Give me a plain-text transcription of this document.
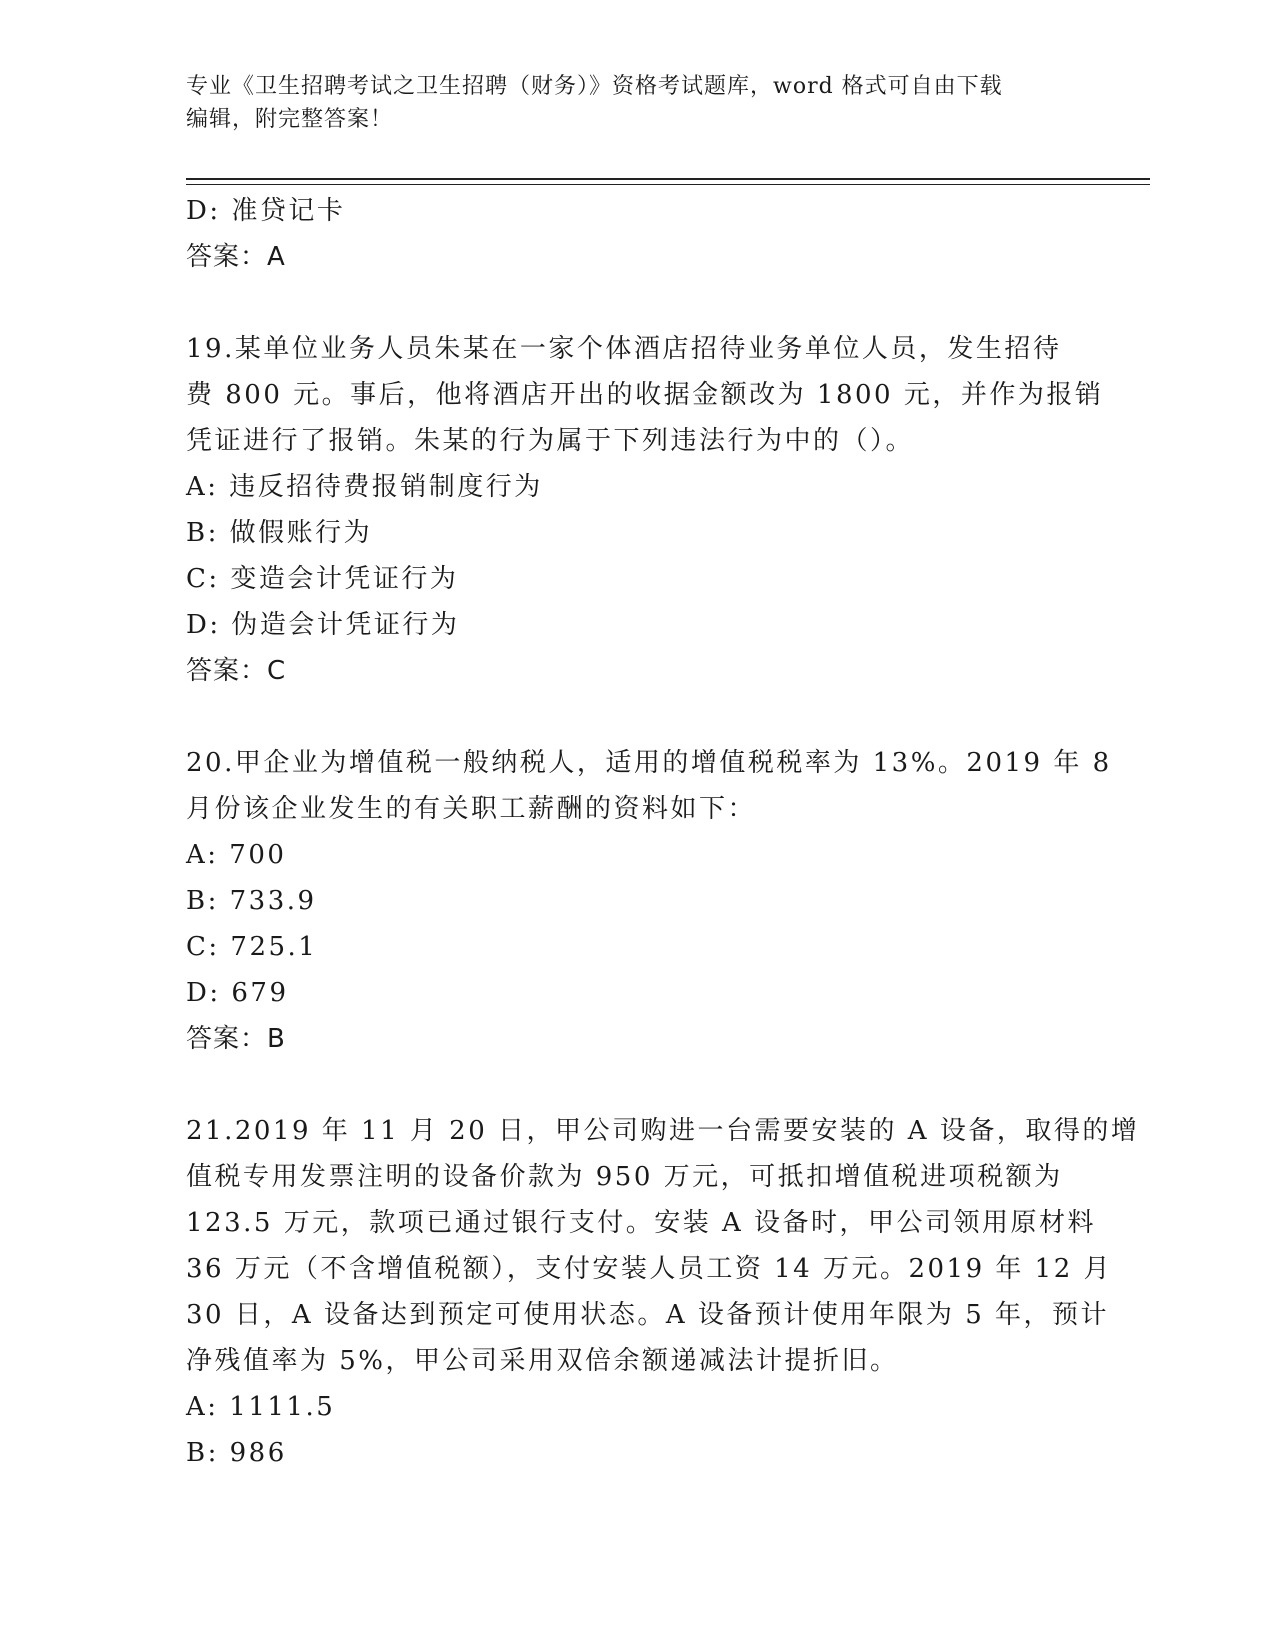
专业《卫生招聘考试之卫生招聘（财务）》资格考试题库，word 格式可自由下载
编辑，附完整答案！
D: 准贷记卡
答案：A
19.某单位业务人员朱某在一家个体酒店招待业务单位人员，发生招待
费 800 元。事后，他将酒店开出的收据金额改为 1800 元，并作为报销
凭证进行了报销。朱某的行为属于下列违法行为中的（）。
A: 违反招待费报销制度行为
B: 做假账行为
C: 变造会计凭证行为
D: 伪造会计凭证行为
答案：C
20.甲企业为增值税一般纳税人，适用的增值税税率为 13%。2019 年 8
月份该企业发生的有关职工薪酬的资料如下：
A: 700
B: 733.9
C: 725.1
D: 679
答案：B
21.2019 年 11 月 20 日，甲公司购进一台需要安装的 A 设备，取得的增
值税专用发票注明的设备价款为 950 万元，可抵扣增值税进项税额为
123.5 万元，款项已通过银行支付。安装 A 设备时，甲公司领用原材料
36 万元（不含增值税额），支付安装人员工资 14 万元。2019 年 12 月
30 日，A 设备达到预定可使用状态。A 设备预计使用年限为 5 年，预计
净残值率为 5%，甲公司采用双倍余额递减法计提折旧。
A: 1111.5
B: 986
